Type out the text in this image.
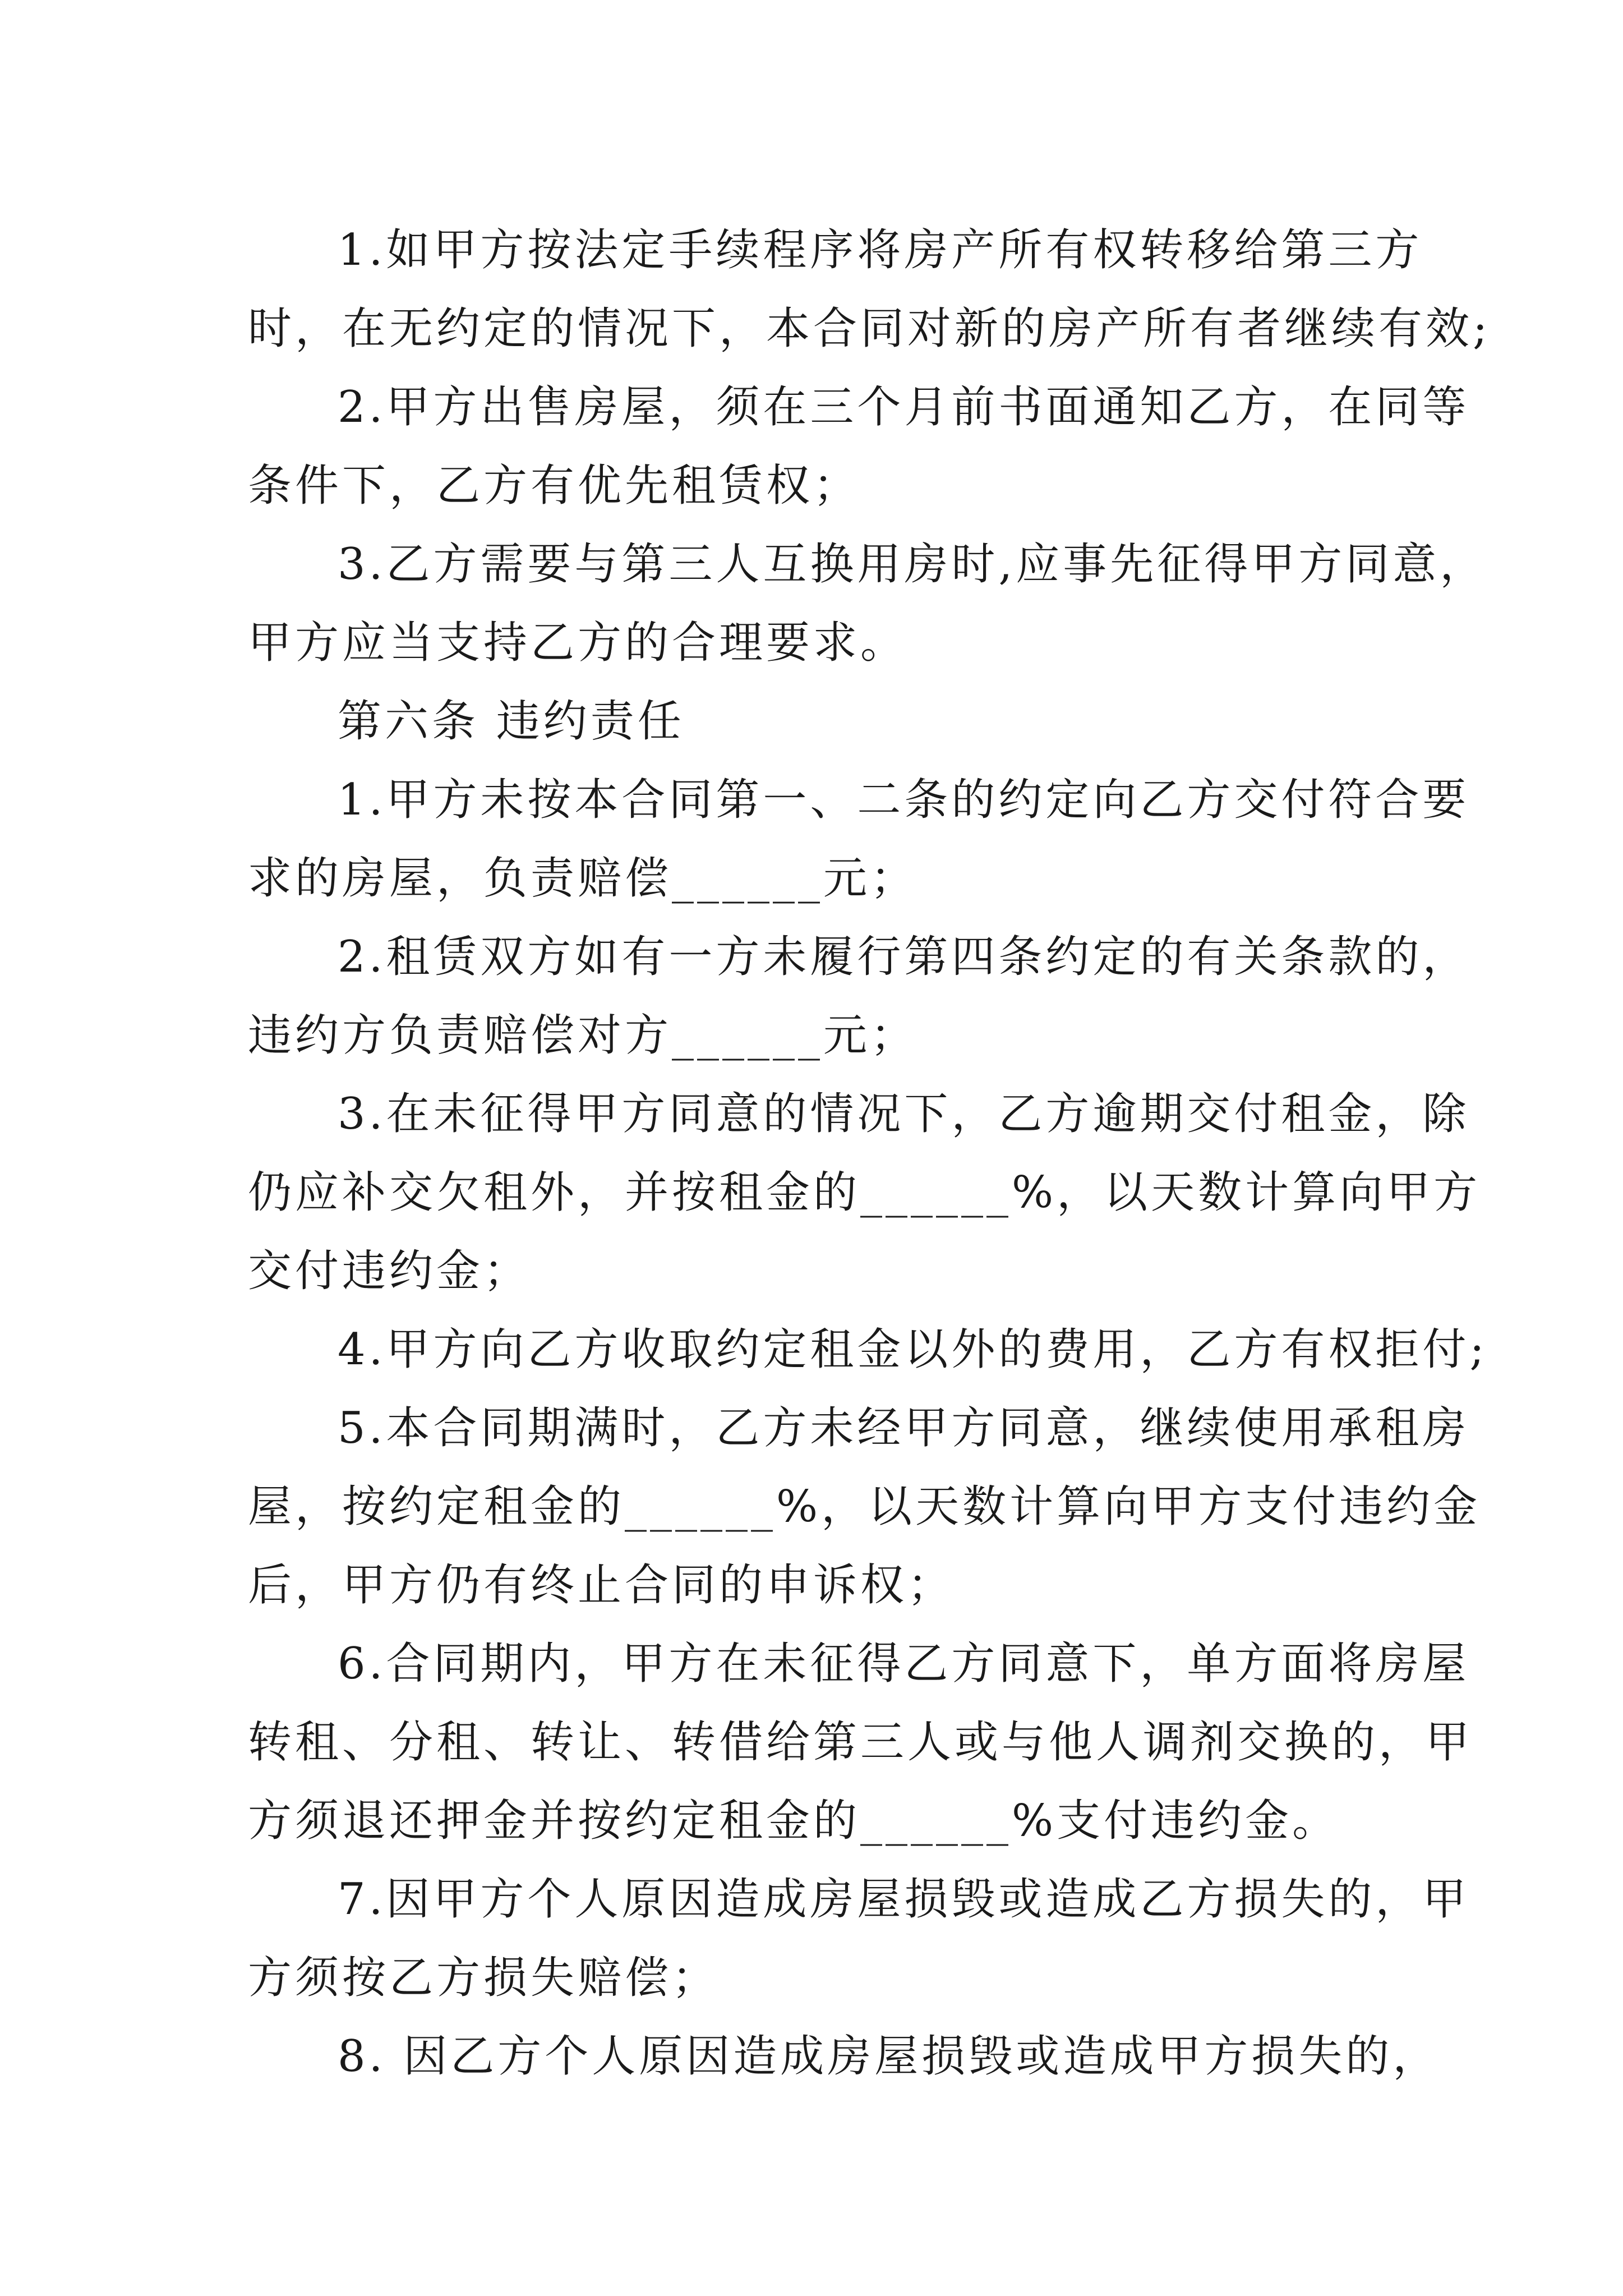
1.如甲方按法定手续程序将房产所有权转移给第三方
时，在无约定的情况下，本合同对新的房产所有者继续有效;
2.甲方出售房屋，须在三个月前书面通知乙方，在同等
条件下，乙方有优先租赁权；
3.乙方需要与第三人互换用房时,应事先征得甲方同意，
甲方应当支持乙方的合理要求。
第六条 违约责任
1.甲方未按本合同第一、二条的约定向乙方交付符合要
求的房屋，负责赔偿______元；
2.租赁双方如有一方未履行第四条约定的有关条款的，
违约方负责赔偿对方______元；
3.在未征得甲方同意的情况下，乙方逾期交付租金，除
仍应补交欠租外，并按租金的______%，以天数计算向甲方
交付违约金；
4.甲方向乙方收取约定租金以外的费用，乙方有权拒付;
5.本合同期满时，乙方未经甲方同意，继续使用承租房
屋，按约定租金的______%，以天数计算向甲方支付违约金
后，甲方仍有终止合同的申诉权；
6.合同期内，甲方在未征得乙方同意下，单方面将房屋
转租、分租、转让、转借给第三人或与他人调剂交换的，甲
方须退还押金并按约定租金的______%支付违约金。
7.因甲方个人原因造成房屋损毁或造成乙方损失的，甲
方须按乙方损失赔偿；
8. 因乙方个人原因造成房屋损毁或造成甲方损失的，
